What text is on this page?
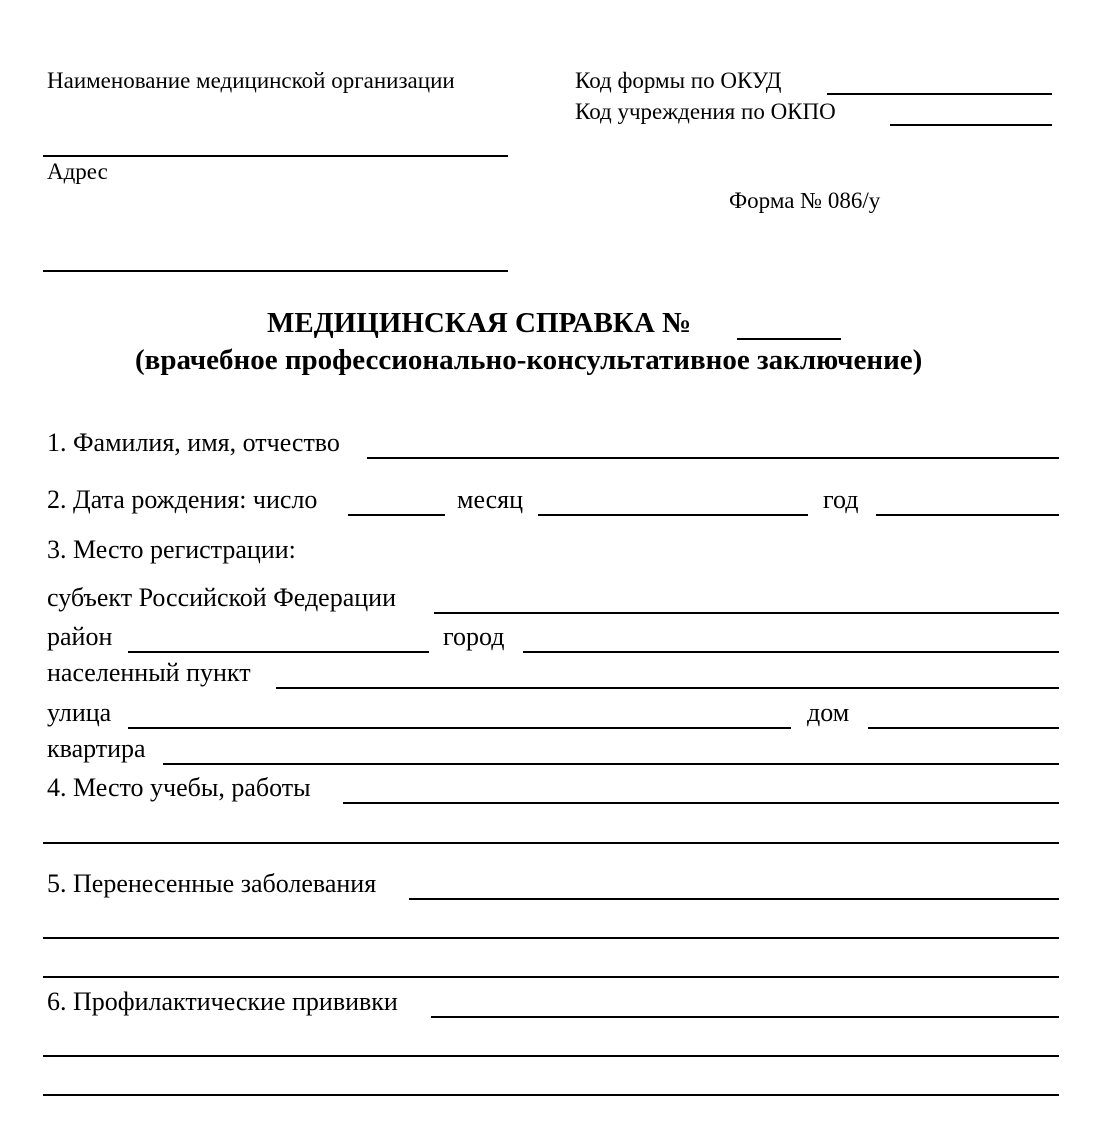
Наименование медицинской организации
Адрес
Код формы по ОКУД
Код учреждения по ОКПО
Форма № 086/у
МЕДИЦИНСКАЯ СПРАВКА №
(врачебное профессионально-консультативное заключение)
1. Фамилия, имя, отчество
2. Дата рождения: число	месяц	год
3. Место регистрации:
субъект Российской Федерации
район	город
населенный пункт
улица	дом
квартира
4. Место учебы, работы
5. Перенесенные заболевания
6. Профилактические прививки
